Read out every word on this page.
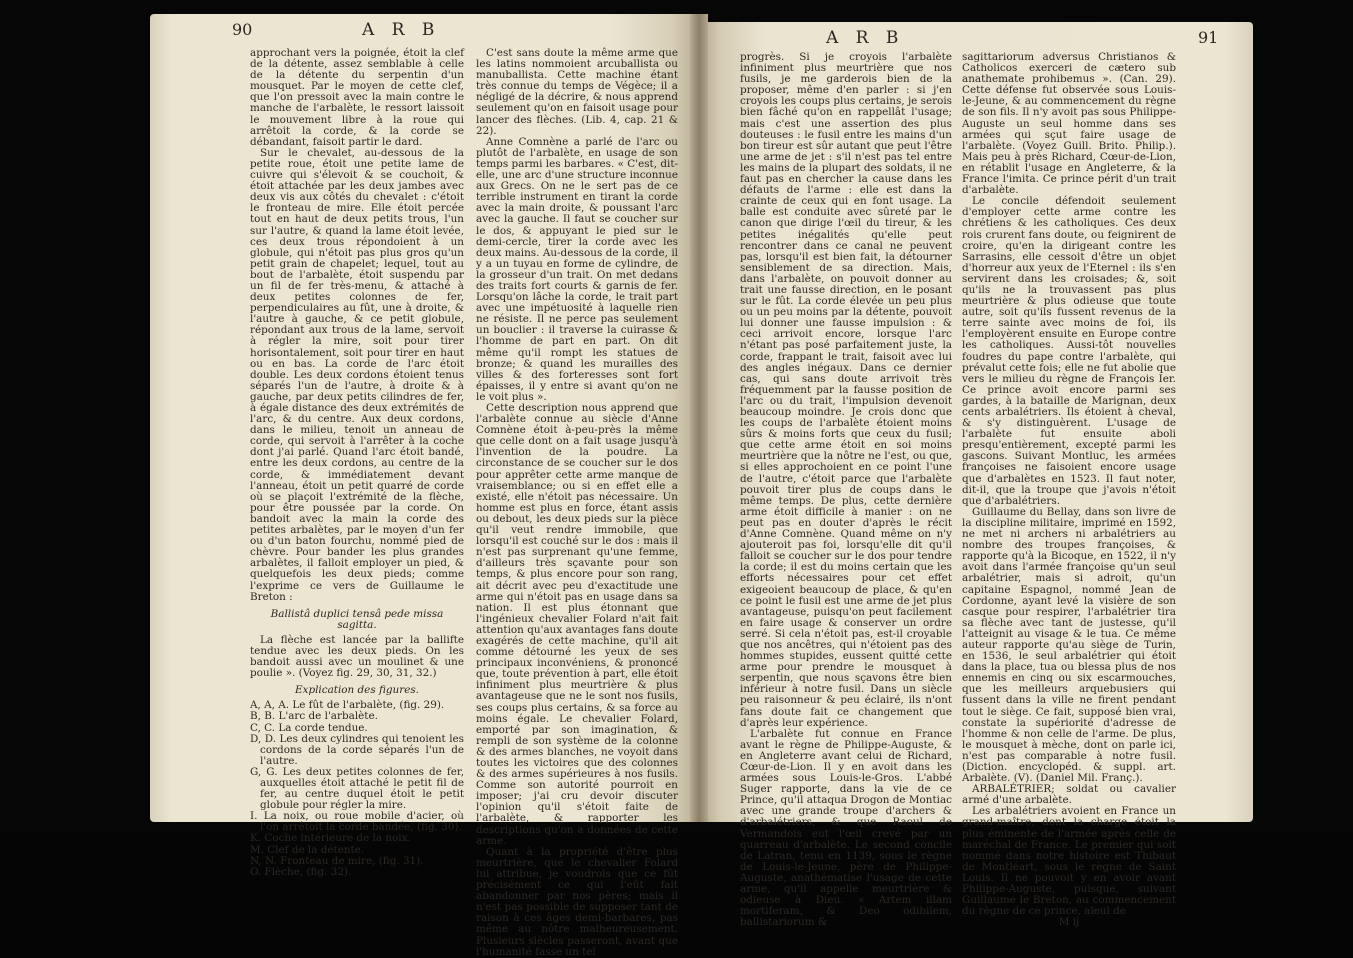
90	A R B

approchant vers la poignée, étoit la clef de la détente, assez semblable à celle de la détente du serpentin d'un mousquet. Par le moyen de cette clef, que l'on pressoit avec la main contre le manche de l'arbalète, le ressort laissoit le mouvement libre à la roue qui arrêtoit la corde, & la corde se débandant, faisoit partir le dard.

Sur le chevalet, au-dessous de la petite roue, étoit une petite lame de cuivre qui s'élevoit & se couchoit, & étoit attachée par les deux jambes avec deux vis aux côtés du chevalet : c'étoit le fronteau de mire. Elle étoit percée tout en haut de deux petits trous, l'un sur l'autre, & quand la lame étoit levée, ces deux trous répondoient à un globule, qui n'étoit pas plus gros qu'un petit grain de chapelet; lequel, tout au bout de l'arbalète, étoit suspendu par un fil de fer très-menu, & attaché à deux petites colonnes de fer, perpendiculaires au fût, une à droite, & l'autre à gauche, & ce petit globule, répondant aux trous de la lame, servoit à régler la mire, soit pour tirer horisontalement, soit pour tirer en haut ou en bas. La corde de l'arc étoit double. Les deux cordons étoient tenus séparés l'un de l'autre, à droite & à gauche, par deux petits cilindres de fer, à égale distance des deux extrémités de l'arc, & du centre. Aux deux cordons, dans le milieu, tenoit un anneau de corde, qui servoit à l'arrêter à la coche dont j'ai parlé. Quand l'arc étoit bandé, entre les deux cordons, au centre de la corde, & immédiatement devant l'anneau, étoit un petit quarré de corde où se plaçoit l'extrémité de la flèche, pour être poussée par la corde. On bandoit avec la main la corde des petites arbalètes, par le moyen d'un fer ou d'un baton fourchu, nommé pied de chèvre. Pour bander les plus grandes arbalètes, il falloit employer un pied, & quelquefois les deux pieds; comme l'exprime ce vers de Guillaume le Breton :

Ballistâ duplici tensâ pede missa sagitta.

La flèche est lancée par la ballifte tendue avec les deux pieds. On les bandoit aussi avec un moulinet & une poulie ». (Voyez fig. 29, 30, 31, 32.)

Explication des figures.

A, A, A. Le fût de l'arbalète, (fig. 29).

B, B. L'arc de l'arbalète.

C, C. La corde tendue.

D, D. Les deux cylindres qui tenoient les cordons de la corde séparés l'un de l'autre.

G, G. Les deux petites colonnes de fer, auxquelles étoit attaché le petit fil de fer, au centre duquel étoit le petit globule pour régler la mire.

I. La noix, ou roue mobile d'acier, où l'on arrêtoit la corde bandée, (fig. 30).

K. Coche intérieure de la noix.

M. Clef de la détente.

N, N. Fronteau de mire, (fig. 31).

O. Flèche, (fig. 32).

C'est sans doute la même arme que les latins nommoient arcuballista ou manuballista. Cette machine étant très connue du temps de Végèce; il a négligé de la décrire, & nous apprend seulement qu'on en faisoit usage pour lancer des flèches. (Lib. 4, cap. 21 & 22).

Anne Comnène a parlé de l'arc ou plutôt de l'arbalète, en usage de son temps parmi les barbares. « C'est, dit-elle, une arc d'une structure inconnue aux Grecs. On ne le sert pas de ce terrible instrument en tirant la corde avec la main droite, & poussant l'arc avec la gauche. Il faut se coucher sur le dos, & appuyant le pied sur le demi-cercle, tirer la corde avec les deux mains. Au-dessous de la corde, il y a un tuyau en forme de cylindre, de la grosseur d'un trait. On met dedans des traits fort courts & garnis de fer. Lorsqu'on lâche la corde, le trait part avec une impétuosité à laquelle rien ne résiste. Il ne perce pas seulement un bouclier : il traverse la cuirasse & l'homme de part en part. On dit même qu'il rompt les statues de bronze; & quand les murailles des villes & des forteresses sont fort épaisses, il y entre si avant qu'on ne le voit plus ».

Cette description nous apprend que l'arbalète connue au siècle d'Anne Comnène étoit à-peu-près la même que celle dont on a fait usage jusqu'à l'invention de la poudre. La circonstance de se coucher sur le dos pour apprêter cette arme manque de vraisemblance; ou si en effet elle a existé, elle n'étoit pas nécessaire. Un homme est plus en force, étant assis ou debout, les deux pieds sur la pièce qu'il veut rendre immobile, que lorsqu'il est couché sur le dos : mais il n'est pas surprenant qu'une femme, d'ailleurs très sçavante pour son temps, & plus encore pour son rang, ait décrit avec peu d'exactitude une arme qui n'étoit pas en usage dans sa nation. Il est plus étonnant que l'ingénieux chevalier Folard n'ait fait attention qu'aux avantages fans doute exagérés de cette machine, qu'il ait comme détourné les yeux de ses principaux inconvéniens, & prononcé que, toute prévention à part, elle étoit infiniment plus meurtrière & plus avantageuse que ne le sont nos fusils, ses coups plus certains, & sa force au moins égale. Le chevalier Folard, emporté par son imagination, & rempli de son système de la colonne & des armes blanches, ne voyoit dans toutes les victoires que des colonnes & des armes supérieures à nos fusils. Comme son autorité pourroit en imposer; j'ai cru devoir discuter l'opinion qu'il s'étoit faite de l'arbalète, & rapporter les descriptions qu'on a données de cette arme.

Quant à la propriété d'être plus meurtrière, que le chevalier Folard lui attribue, je voudrois que ce fût précisément ce qui l'eût fait abandonner par nos pères; mais il n'est pas possible de supposer tant de raison à ces âges demi-barbares, pas même au nôtre malheureusement. Plusieurs siècles passeront, avant que l'humanité fasse un tel

A R B	91

progrès. Si je croyois l'arbalète infiniment plus meurtrière que nos fusils, je me garderois bien de la proposer, même d'en parler : si j'en croyois les coups plus certains, je serois bien fâché qu'on en rappellât l'usage; mais c'est une assertion des plus douteuses : le fusil entre les mains d'un bon tireur est sûr autant que peut l'être une arme de jet : s'il n'est pas tel entre les mains de la plupart des soldats, il ne faut pas en chercher la cause dans les défauts de l'arme : elle est dans la crainte de ceux qui en font usage. La balle est conduite avec sûreté par le canon que dirige l'œil du tireur, & les petites inégalités qu'elle peut rencontrer dans ce canal ne peuvent pas, lorsqu'il est bien fait, la détourner sensiblement de sa direction. Mais, dans l'arbalète, on pouvoit donner au trait une fausse direction, en le posant sur le fût. La corde élevée un peu plus ou un peu moins par la détente, pouvoit lui donner une fausse impulsion : & ceci arrivoit encore, lorsque l'arc n'étant pas posé parfaitement juste, la corde, frappant le trait, faisoit avec lui des angles inégaux. Dans ce dernier cas, qui sans doute arrivoit très fréquemment par la fausse position de l'arc ou du trait, l'impulsion devenoit beaucoup moindre. Je crois donc que les coups de l'arbalète étoient moins sûrs & moins forts que ceux du fusil; que cette arme étoit en soi moins meurtrière que la nôtre ne l'est, ou que, si elles approchoient en ce point l'une de l'autre, c'étoit parce que l'arbalète pouvoit tirer plus de coups dans le même temps. De plus, cette dernière arme étoit difficile à manier : on ne peut pas en douter d'après le récit d'Anne Comnène. Quand même on n'y ajouteroit pas foi, lorsqu'elle dit qu'il falloit se coucher sur le dos pour tendre la corde; il est du moins certain que les efforts nécessaires pour cet effet exigeoient beaucoup de place, & qu'en ce point le fusil est une arme de jet plus avantageuse, puisqu'on peut facilement en faire usage & conserver un ordre serré. Si cela n'étoit pas, est-il croyable que nos ancêtres, qui n'étoient pas des hommes stupides, eussent quitté cette arme pour prendre le mousquet à serpentin, que nous sçavons être bien inférieur à notre fusil. Dans un siècle peu raisonneur & peu éclairé, ils n'ont fans doute fait ce changement que d'après leur expérience.

L'arbalète fut connue en France avant le règne de Philippe-Auguste, & en Angleterre avant celui de Richard, Cœur-de-Lion. Il y en avoit dans les armées sous Louis-le-Gros. L'abbé Suger rapporte, dans la vie de ce Prince, qu'il attaqua Drogon de Montiac avec une grande troupe d'archers & d'arbalétriers, & que Raoul de Vermandois eut l'œil crevé par un quarreau d'arbalète. Le second concile de Latran, tenu en 1139, sous le règne de Louis-le-Jeune, père de Philippe-Auguste, anathématise l'usage de cette arme, qu'il appelle meurtrière & odieuse à Dieu. « Artem illam mortiferam, & Deo odibilem, ballistariorum &

sagittariorum adversus Christianos & Catholicos exerceri de cætero sub anathemate prohibemus ». (Can. 29). Cette défense fut observée sous Louis-le-Jeune, & au commencement du règne de son fils. Il n'y avoit pas sous Philippe-Auguste un seul homme dans ses armées qui sçut faire usage de l'arbalète. (Voyez Guill. Brito. Philip.). Mais peu à près Richard, Cœur-de-Lion, en rétablit l'usage en Angleterre, & la France l'imita. Ce prince périt d'un trait d'arbalète.

Le concile défendoit seulement d'employer cette arme contre les chrétiens & les catholiques. Ces deux rois crurent fans doute, ou feignirent de croire, qu'en la dirigeant contre les Sarrasins, elle cessoit d'être un objet d'horreur aux yeux de l'Eternel : ils s'en servirent dans les croisades; &, soit qu'ils ne la trouvassent pas plus meurtrière & plus odieuse que toute autre, soit qu'ils fussent revenus de la terre sainte avec moins de foi, ils l'employèrent ensuite en Europe contre les catholiques. Aussi-tôt nouvelles foudres du pape contre l'arbalète, qui prévalut cette fois; elle ne fut abolie que vers le milieu du règne de François Ier. Ce prince avoit encore parmi ses gardes, à la bataille de Marignan, deux cents arbalétriers. Ils étoient à cheval, & s'y distinguèrent. L'usage de l'arbalète fut ensuite aboli presqu'entièrement, excepté parmi les gascons. Suivant Montluc, les armées françoises ne faisoient encore usage que d'arbalètes en 1523. Il faut noter, dit-il, que la troupe que j'avois n'étoit que d'arbalétriers.

Guillaume du Bellay, dans son livre de la discipline militaire, imprimé en 1592, ne met ni archers ni arbalétriers au nombre des troupes françoises, & rapporte qu'à la Bicoque, en 1522, il n'y avoit dans l'armée françoise qu'un seul arbalétrier, mais si adroit, qu'un capitaine Espagnol, nommé Jean de Cordonne, ayant levé la visière de son casque pour respirer, l'arbalétrier tira sa flèche avec tant de justesse, qu'il l'atteignit au visage & le tua. Ce même auteur rapporte qu'au siège de Turin, en 1536, le seul arbalétrier qui étoit dans la place, tua ou blessa plus de nos ennemis en cinq ou six escarmouches, que les meilleurs arquebusiers qui fussent dans la ville ne firent pendant tout le siège. Ce fait, supposé bien vrai, constate la supériorité d'adresse de l'homme & non celle de l'arme. De plus, le mousquet à mèche, dont on parle ici, n'est pas comparable à notre fusil. (Diction. encyclopéd. & suppl. art. Arbalète. (V). (Daniel Mil. Franç.).

ARBALÉTRIER; soldat ou cavalier armé d'une arbalète.

Les arbalétriers avoient en France un grand-maître, dont la charge étoit la plus éminente de l'armée après celle de maréchal de France. Le premier qui soit nommé dans notre histoire est Thibaut de Montléart, sous le règne de Saint Louis. Il ne pouvoit y en avoir avant Philippe-Auguste, puisque, suivant Guillaume le Breton, au commencement du règne de ce prince, aïeul de

M ij
